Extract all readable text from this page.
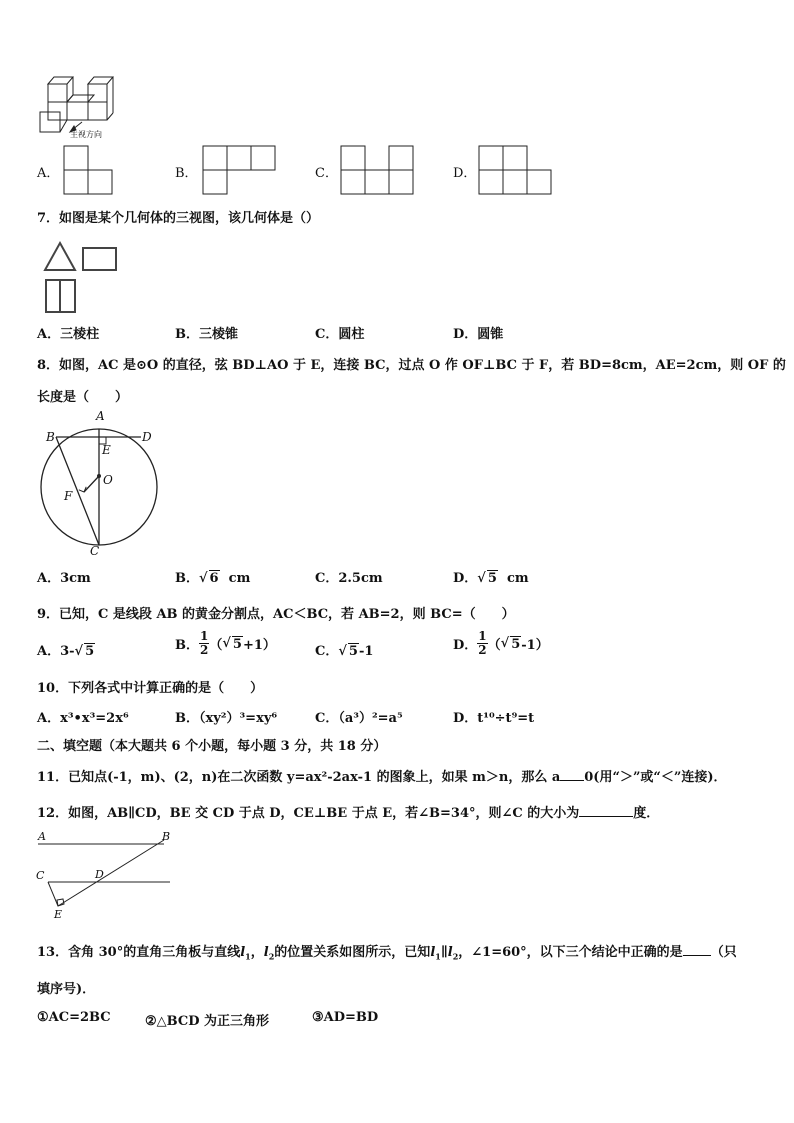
主视方向
A．	B．	C．	D．
7．如图是某个几何体的三视图，该几何体是（）
A．三棱柱	B．三棱锥	C．圆柱	D．圆锥
8．如图，AC 是⊙O 的直径，弦 BD⊥AO 于 E，连接 BC，过点 O 作 OF⊥BC 于 F，若 BD=8cm，AE=2cm，则 OF 的
长度是（　　）
A
B	D
E
O
F
C
A．3cm	B．√ 6 cm	C．2.5cm	D．√ 5 cm
9．已知，C 是线段 AB 的黄金分割点，AC＜BC，若 AB=2，则 BC=（　　）
A．3-√ 5	B． $\frac{1}{2}$ （√ 5+1）	C．√ 5-1	D． $\frac{1}{2}$ （√ 5-1）
10．下列各式中计算正确的是（　　）
A．x³•x³=2x⁶	B．（xy²）³=xy⁶	C．（a³）²=a⁵	D．t¹⁰÷t⁹=t
二、填空题（本大题共 6 个小题，每小题 3 分，共 18 分）
11．已知点(-1，m)、(2，n)在二次函数 y=ax²-2ax-1 的图象上，如果 m＞n，那么 a 0(用“＞”或“＜”连接)．
12．如图，AB∥CD，BE 交 CD 于点 D，CE⊥BE 于点 E，若∠B=34°，则∠C 的大小为	度．
A	B
C	D
E
13．含角 30°的直角三角板与直线$l_1$，$l_2$的位置关系如图所示，已知$l_1\parallel l_2$，∠1=60°，以下三个结论中正确的是 （只
填序号)．
①AC=2BC	②△BCD 为正三角形	③AD=BD
